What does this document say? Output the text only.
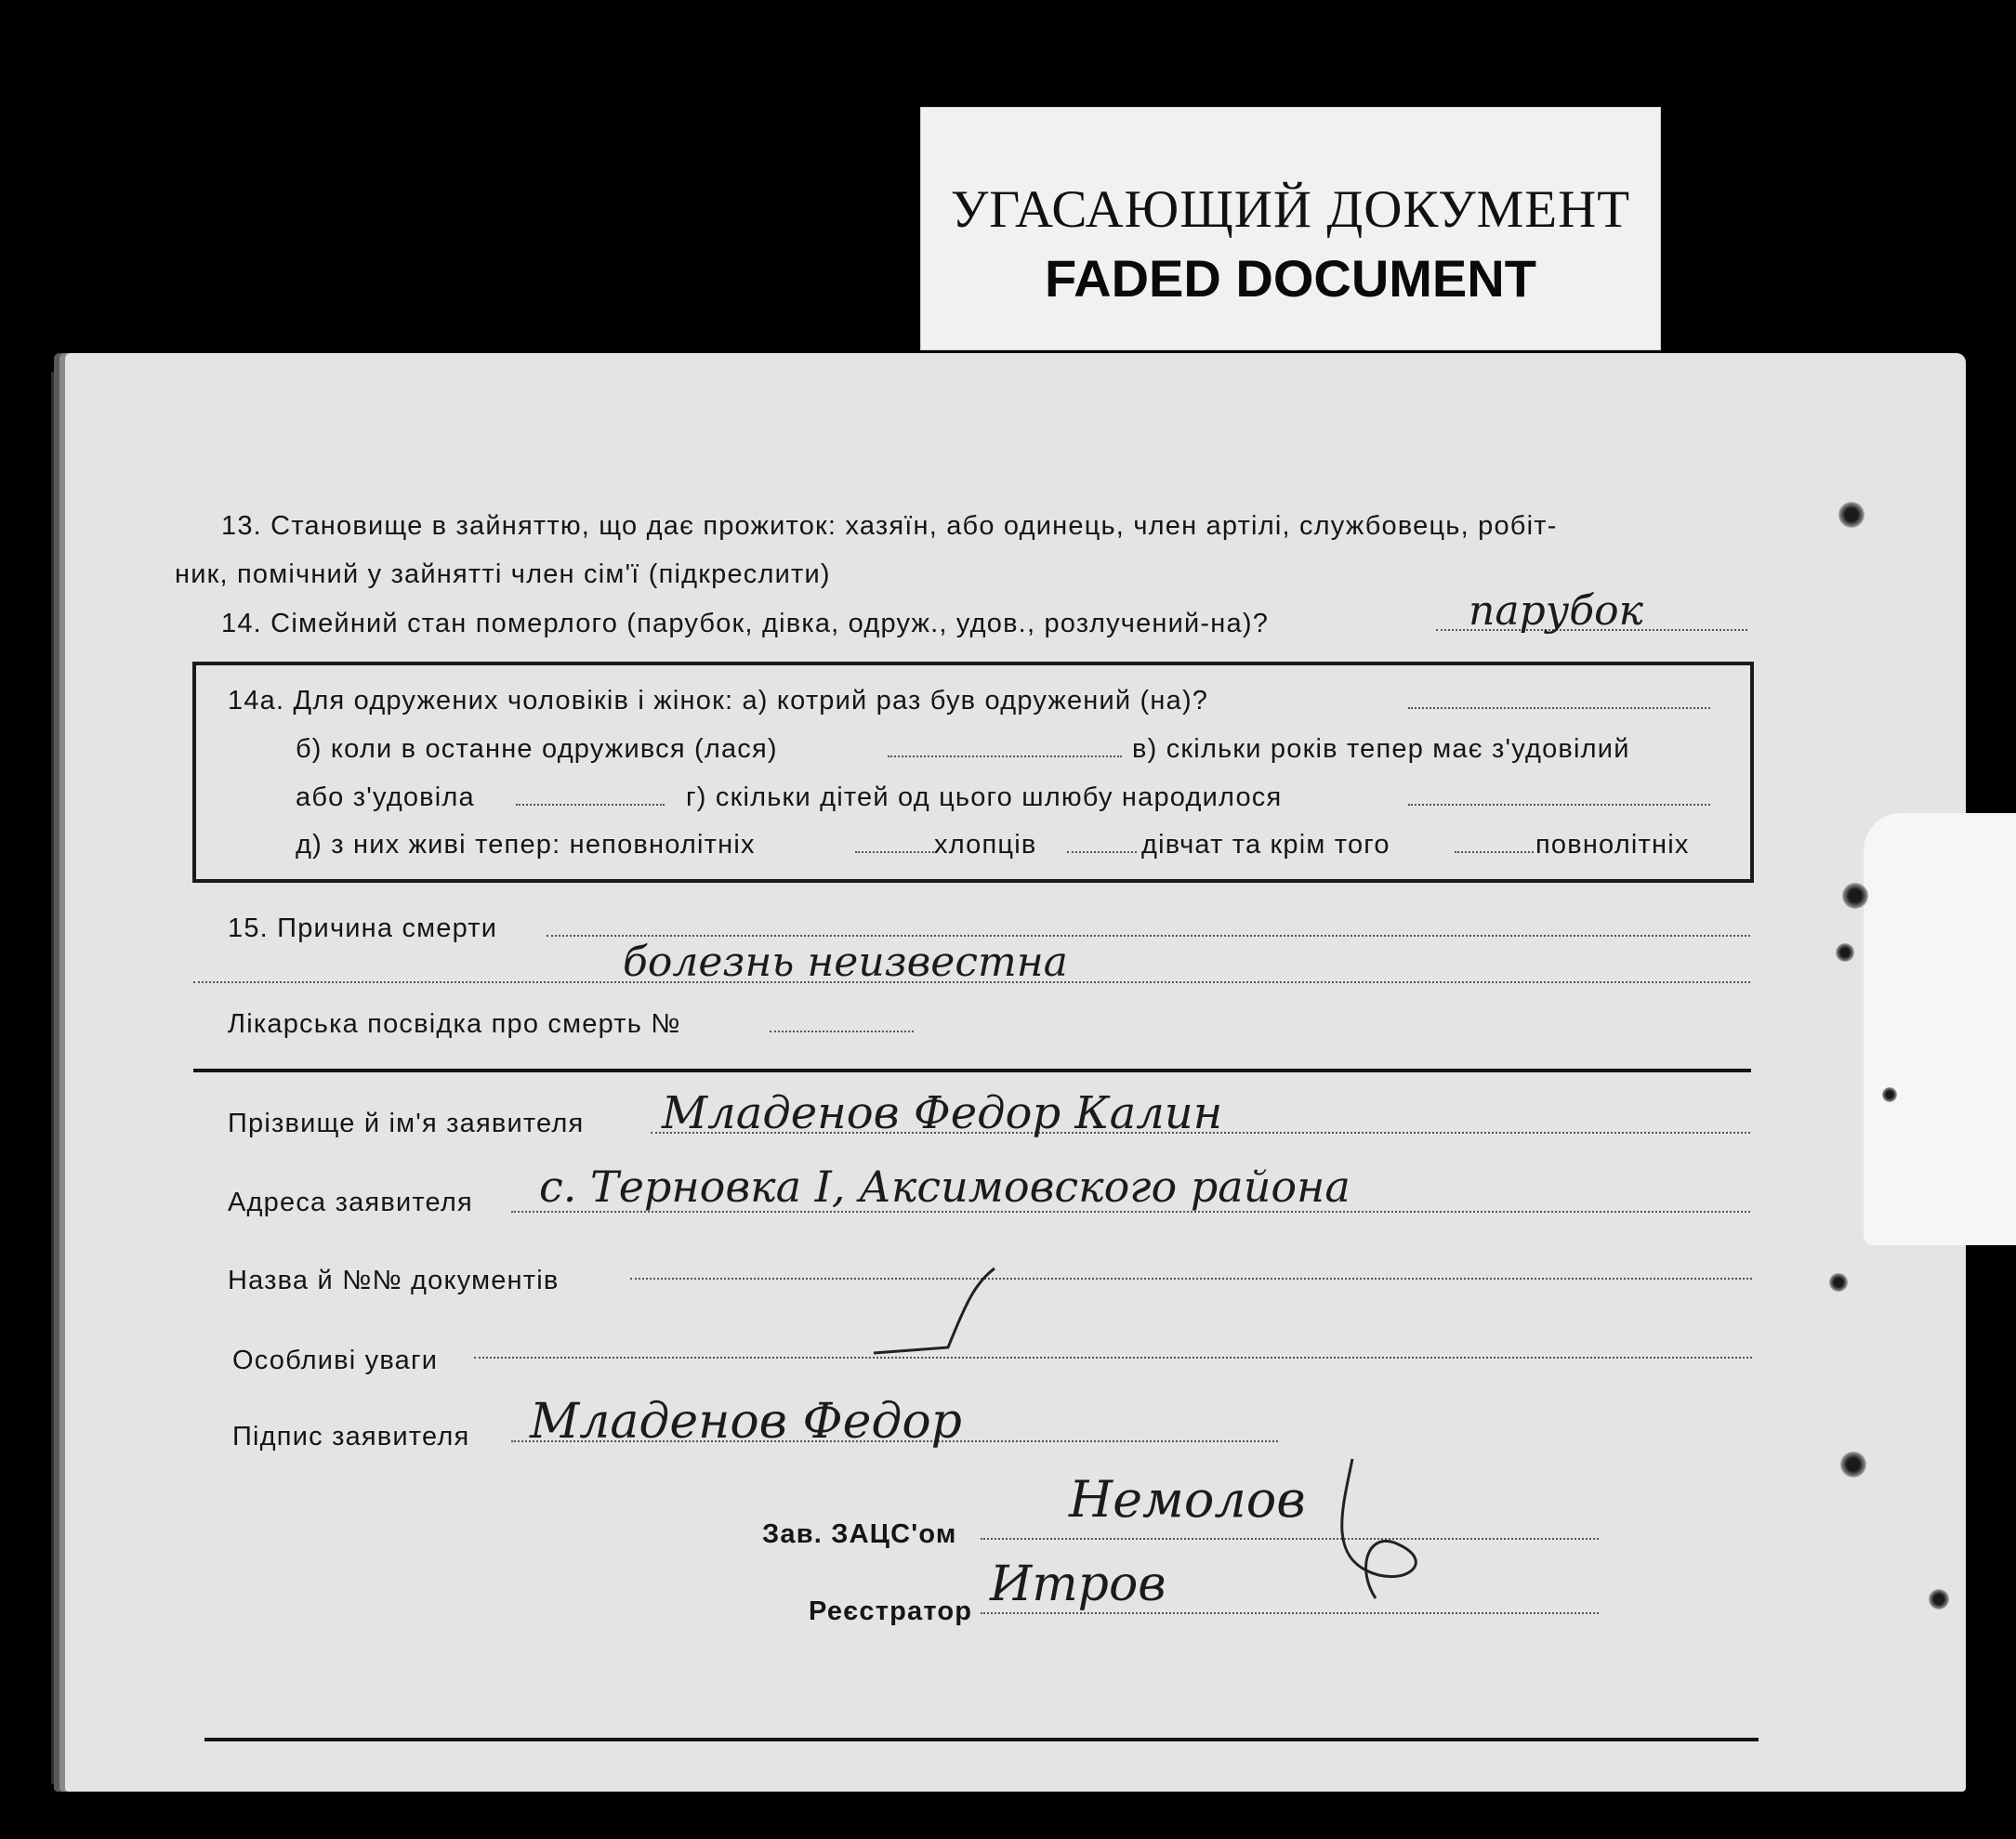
УГАСАЮЩИЙ ДОКУМЕНТ
FADED DOCUMENT
13. Становище в зайняттю, що дає прожиток: хазяїн, або одинець, член артілі, службовець, робіт-
ник, помічний у зайнятті член сім'ї (підкреслити)
14. Сімейний стан померлого (парубок, дівка, одруж., удов., розлучений-на)?	парубок
14а. Для одружених чоловіків і жінок: а) котрий раз був одружений (на)?
б) коли в останне одружився (лася)	в) скільки років тепер має з'удовілий
або з'удовіла	г) скільки дітей од цього шлюбу народилося
д) з них живі тепер: неповнолітніх	хлопців	дівчат та крім того	повнолітніх
15. Причина смерти
болезнь неизвестна
Лікарська посвідка про смерть №
Прізвище й ім'я заявителя Младенов Федор Калин
Адреса заявителя с. Терновка I, Аксимовского района
Назва й №№ документів
Особливі уваги
Підпис заявителя Младенов Федор
Зав. ЗАЦС'ом
Немолов
Реєстратор Итров
